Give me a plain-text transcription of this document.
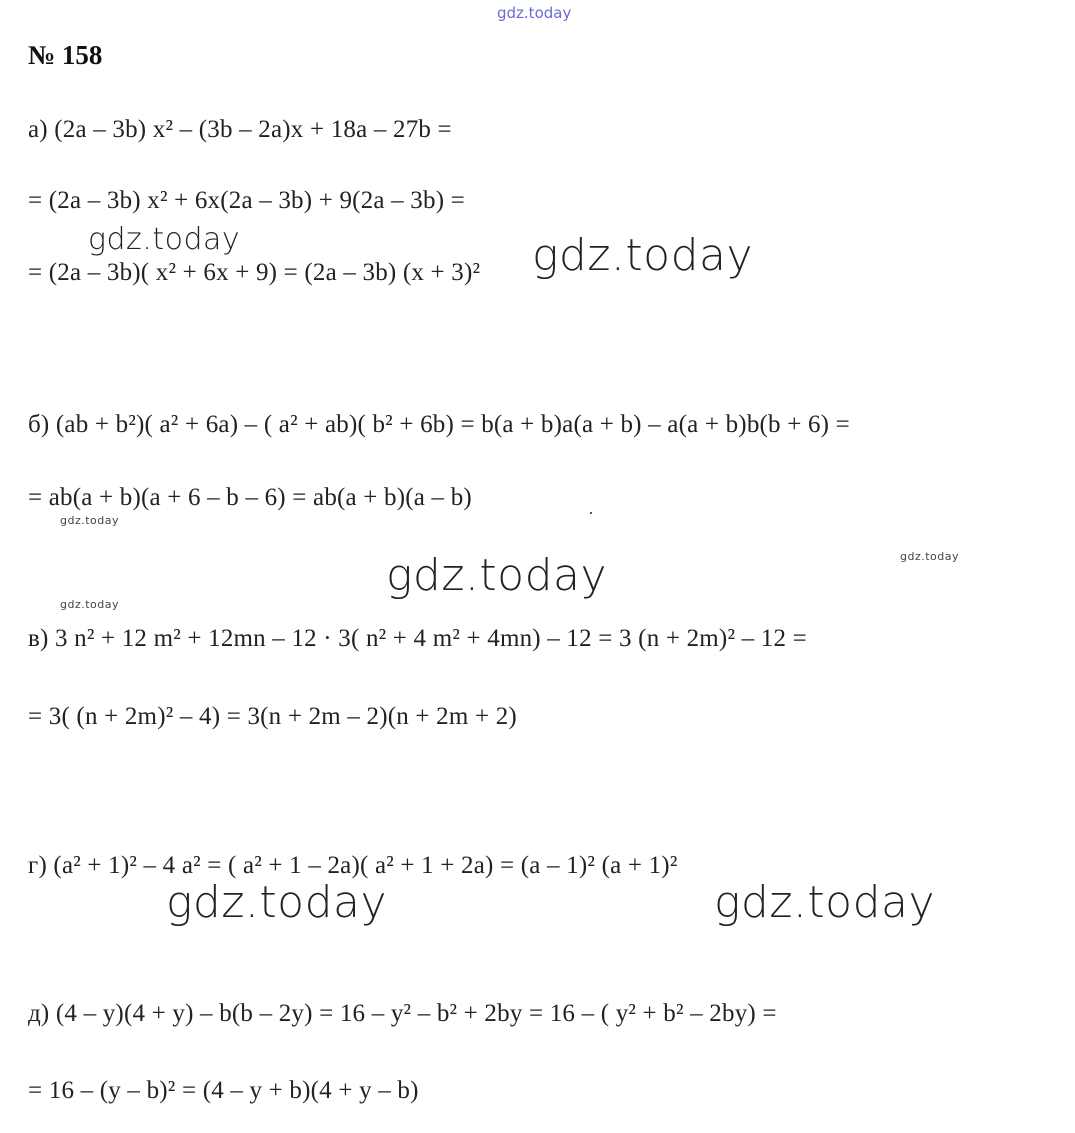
gdz.today
№ 158
а) (2a – 3b) x² – (3b – 2a)x + 18a – 27b =
= (2a – 3b) x² + 6x(2a – 3b) + 9(2a – 3b) =
= (2a – 3b)( x² + 6x + 9) = (2a – 3b) (x + 3)²
б) (ab + b²)( a² + 6a) – ( a² + ab)( b² + 6b) = b(a + b)a(a + b) – a(a + b)b(b + 6) =
= ab(a + b)(a + 6 – b – 6) = ab(a + b)(a – b)
в) 3 n² + 12 m² + 12mn – 12 · 3( n² + 4 m² + 4mn) – 12 = 3 (n + 2m)² – 12 =
= 3( (n + 2m)² – 4) = 3(n + 2m – 2)(n + 2m + 2)
г) (a² + 1)² – 4 a² = ( a² + 1 – 2a)( a² + 1 + 2a) = (a – 1)² (a + 1)²
д) (4 – y)(4 + y) – b(b – 2y) = 16 – y² – b² + 2by = 16 – ( y² + b² – 2by) =
= 16 – (y – b)² = (4 – y + b)(4 + y – b)
gdz.today	gdz.today
gdz.today
gdz.today
gdz.today
gdz.today
gdz.today	gdz.today
